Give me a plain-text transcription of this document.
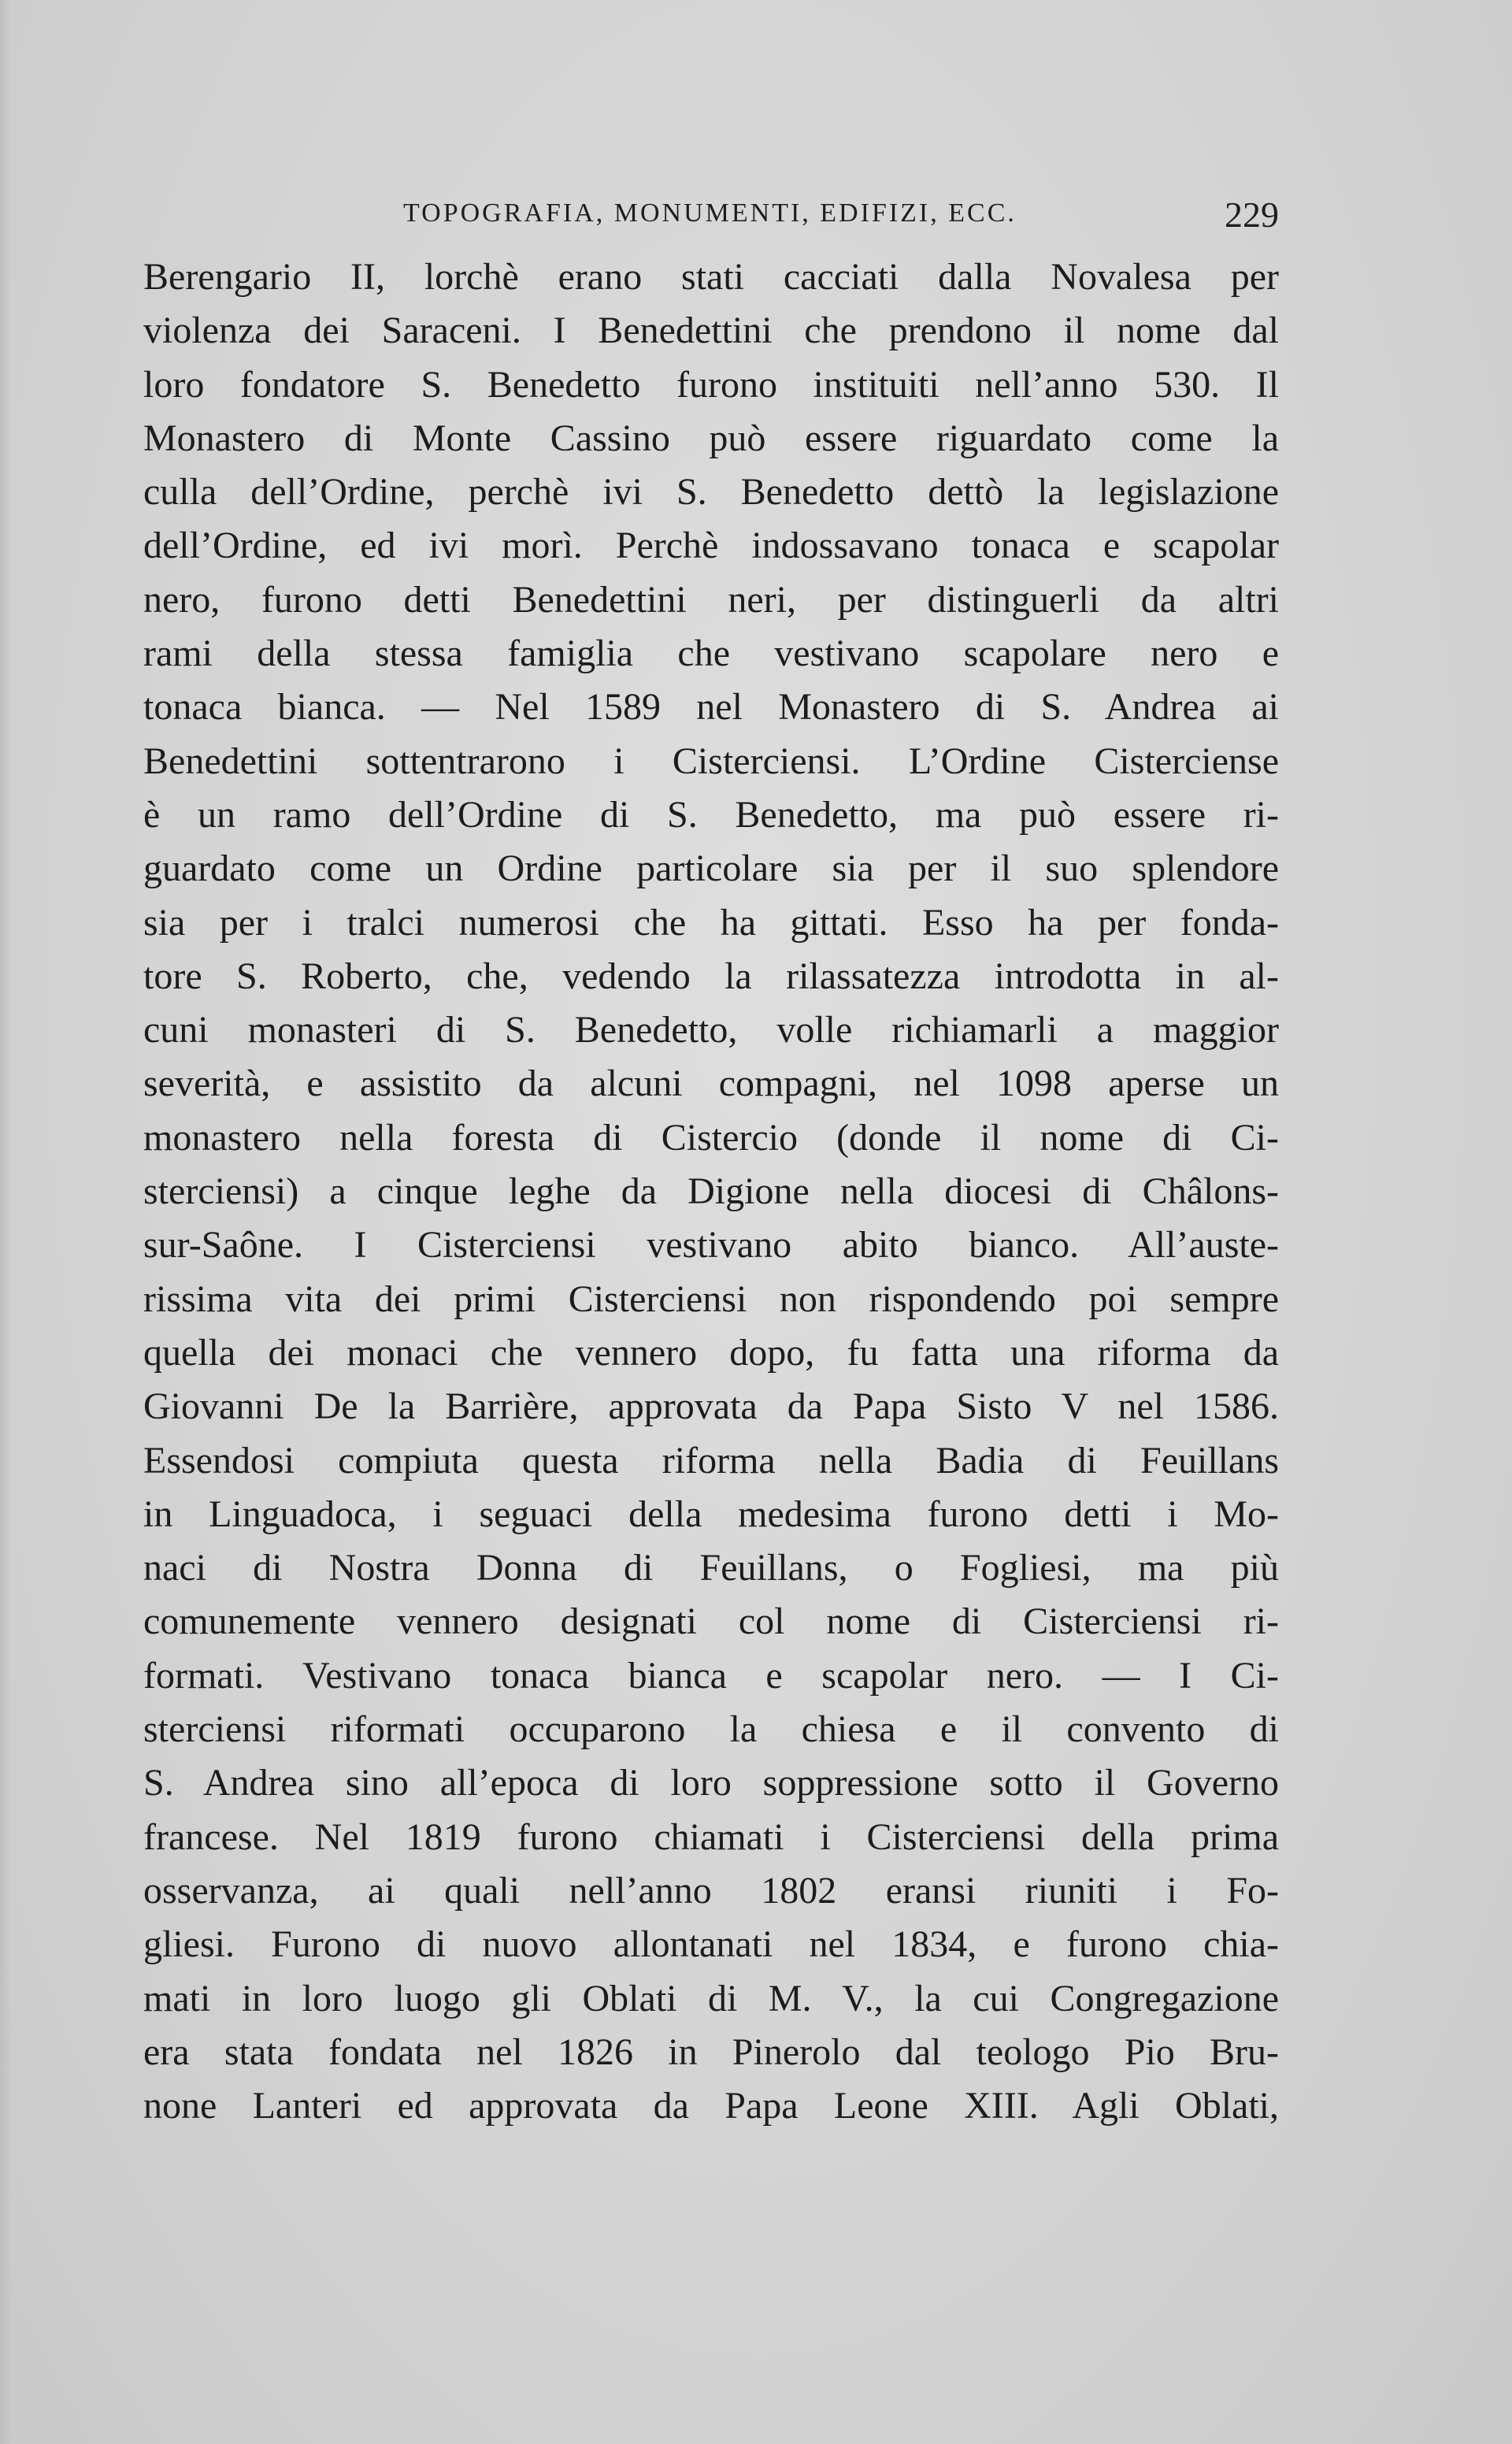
TOPOGRAFIA, MONUMENTI, EDIFIZI, ECC.	229
Berengario II, lorchè erano stati cacciati dalla Novalesa per
violenza dei Saraceni. I Benedettini che prendono il nome dal
loro fondatore S. Benedetto furono instituiti nell’anno 530. Il
Monastero di Monte Cassino può essere riguardato come la
culla dell’Ordine, perchè ivi S. Benedetto dettò la legislazione
dell’Ordine, ed ivi morì. Perchè indossavano tonaca e scapolar
nero, furono detti Benedettini neri, per distinguerli da altri
rami della stessa famiglia che vestivano scapolare nero e
tonaca bianca. — Nel 1589 nel Monastero di S. Andrea ai
Benedettini sottentrarono i Cisterciensi. L’Ordine Cisterciense
è un ramo dell’Ordine di S. Benedetto, ma può essere ri-
guardato come un Ordine particolare sia per il suo splendore
sia per i tralci numerosi che ha gittati. Esso ha per fonda-
tore S. Roberto, che, vedendo la rilassatezza introdotta in al-
cuni monasteri di S. Benedetto, volle richiamarli a maggior
severità, e assistito da alcuni compagni, nel 1098 aperse un
monastero nella foresta di Cistercio (donde il nome di Ci-
sterciensi) a cinque leghe da Digione nella diocesi di Châlons-
sur-Saône. I Cisterciensi vestivano abito bianco. All’auste-
rissima vita dei primi Cisterciensi non rispondendo poi sempre
quella dei monaci che vennero dopo, fu fatta una riforma da
Giovanni De la Barrière, approvata da Papa Sisto V nel 1586.
Essendosi compiuta questa riforma nella Badia di Feuillans
in Linguadoca, i seguaci della medesima furono detti i Mo-
naci di Nostra Donna di Feuillans, o Fogliesi, ma più
comunemente vennero designati col nome di Cisterciensi ri-
formati. Vestivano tonaca bianca e scapolar nero. — I Ci-
sterciensi riformati occuparono la chiesa e il convento di
S. Andrea sino all’epoca di loro soppressione sotto il Governo
francese. Nel 1819 furono chiamati i Cisterciensi della prima
osservanza, ai quali nell’anno 1802 eransi riuniti i Fo-
gliesi. Furono di nuovo allontanati nel 1834, e furono chia-
mati in loro luogo gli Oblati di M. V., la cui Congregazione
era stata fondata nel 1826 in Pinerolo dal teologo Pio Bru-
none Lanteri ed approvata da Papa Leone XIII. Agli Oblati,
